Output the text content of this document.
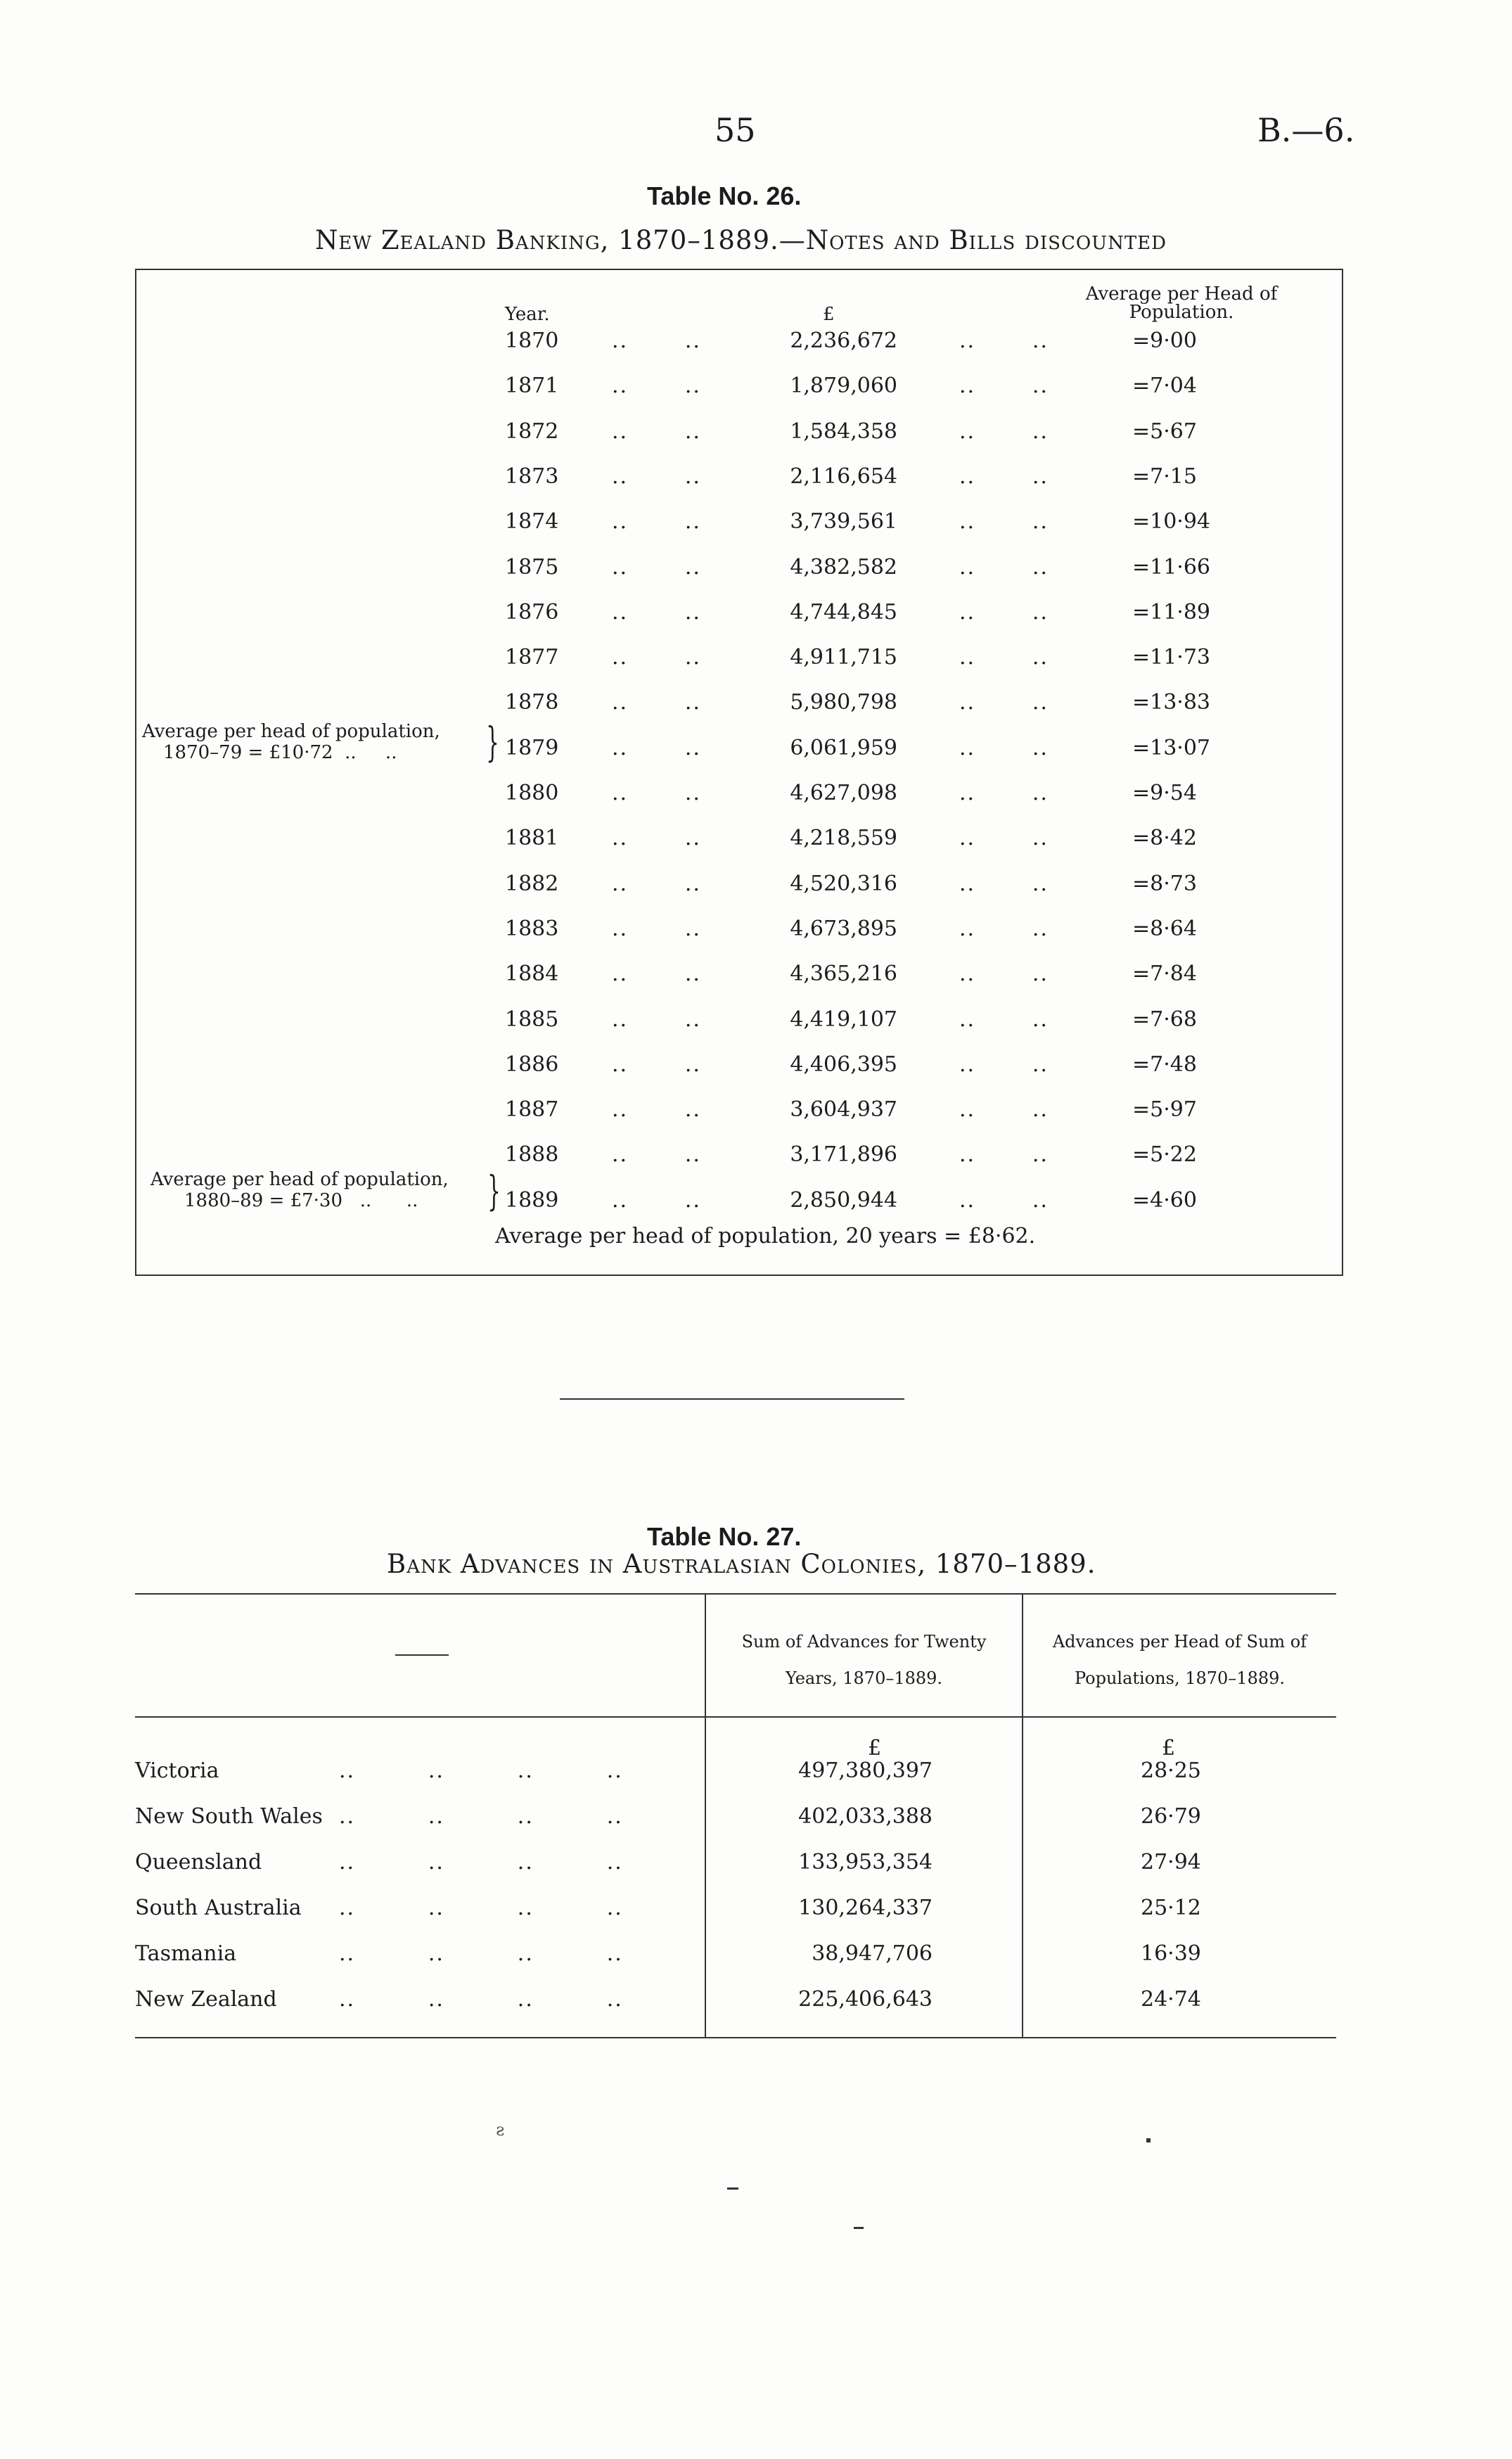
55	B.—6.
Table No. 26.
New Zealand Banking, 1870–1889.—Notes and Bills discounted
Year.	£
Average per Head of Population.
1870	..       ..	2,236,672	..       ..	=9·00
1871	..       ..	1,879,060	..       ..	=7·04
1872	..       ..	1,584,358	..       ..	=5·67
1873	..       ..	2,116,654	..       ..	=7·15
1874	..       ..	3,739,561	..       ..	=10·94
1875	..       ..	4,382,582	..       ..	=11·66
1876	..       ..	4,744,845	..       ..	=11·89
1877	..       ..	4,911,715	..       ..	=11·73
1878	..       ..	5,980,798	..       ..	=13·83
1879	..       ..	6,061,959	..       ..	=13·07
1880	..       ..	4,627,098	..       ..	=9·54
1881	..       ..	4,218,559	..       ..	=8·42
1882	..       ..	4,520,316	..       ..	=8·73
1883	..       ..	4,673,895	..       ..	=8·64
1884	..       ..	4,365,216	..       ..	=7·84
1885	..       ..	4,419,107	..       ..	=7·68
1886	..       ..	4,406,395	..       ..	=7·48
1887	..       ..	3,604,937	..       ..	=5·97
1888	..       ..	3,171,896	..       ..	=5·22
1889	..       ..	2,850,944	..       ..	=4·60
Average per head of population,
1870–79 = £10·72  ..     ..	}
Average per head of population,
1880–89 = £7·30   ..      ..	}
Average per head of population, 20 years = £8·62.
Table No. 27.
Bank Advances in Australasian Colonies, 1870–1889.
Sum of Advances for Twenty
Years, 1870–1889.
Advances per Head of Sum of
Populations, 1870–1889.
£	£
Victoria	..         ..         ..         ..	497,380,397	28·25
New South Wales ..         ..         ..         ..	402,033,388	26·79
Queensland	..         ..         ..         ..	133,953,354	27·94
South Australia ..         ..         ..         ..	130,264,337	25·12
Tasmania	..         ..         ..         ..	38,947,706	16·39
New Zealand	..         ..         ..         ..	225,406,643	24·74
ƨ
